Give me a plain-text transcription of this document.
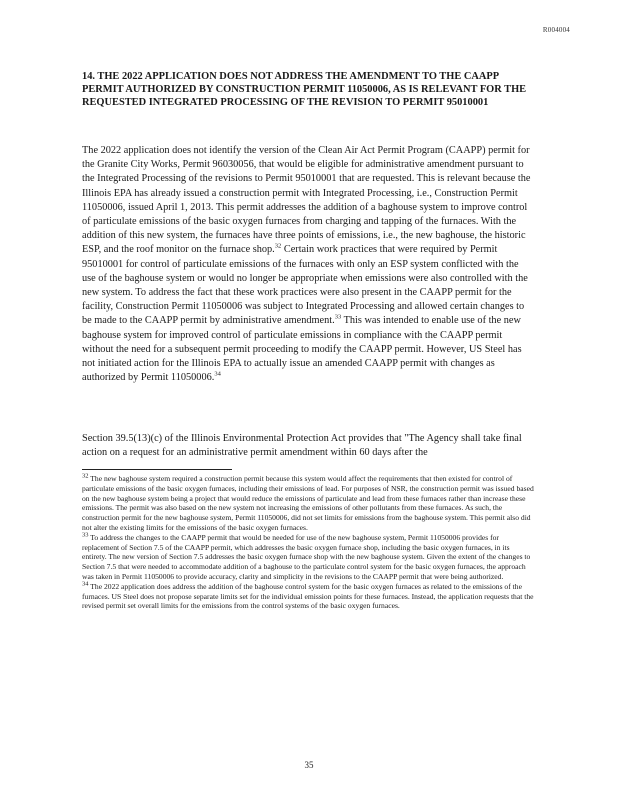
R004004
14. THE 2022 APPLICATION DOES NOT ADDRESS THE AMENDMENT TO THE CAAPP PERMIT AUTHORIZED BY CONSTRUCTION PERMIT 11050006, AS IS RELEVANT FOR THE REQUESTED INTEGRATED PROCESSING OF THE REVISION TO PERMIT 95010001

The 2022 application does not identify the version of the Clean Air Act Permit Program (CAAPP) permit for the Granite City Works, Permit 96030056, that would be eligible for administrative amendment pursuant to the Integrated Processing of the revisions to Permit 95010001 that are requested. This is relevant because the Illinois EPA has already issued a construction permit with Integrated Processing, i.e., Construction Permit 11050006, issued April 1, 2013. This permit addresses the addition of a baghouse system to improve control of particulate emissions of the basic oxygen furnaces from charging and tapping of the furnaces. With the addition of this new system, the furnaces have three points of emissions, i.e., the new baghouse, the historic ESP, and the roof monitor on the furnace shop.$^{32}$ Certain work practices that were required by Permit 95010001 for control of particulate emissions of the furnaces with only an ESP system conflicted with the use of the baghouse system or would no longer be appropriate when emissions were also controlled with the new system. To address the fact that these work practices were also present in the CAAPP permit for the facility, Construction Permit 11050006 was subject to Integrated Processing and allowed certain changes to be made to the CAAPP permit by administrative amendment.$^{33}$ This was intended to enable use of the new baghouse system for improved control of particulate emissions in compliance with the CAAPP permit without the need for a subsequent permit proceeding to modify the CAAPP permit. However, US Steel has not initiated action for the Illinois EPA to actually issue an amended CAAPP permit with changes as authorized by Permit 11050006.34

Section 39.5(13)(c) of the Illinois Environmental Protection Act provides that "The Agency shall take final action on a request for an administrative permit amendment within 60 days after the

$^{32}$ The new baghouse system required a construction permit because this system would affect the requirements that then existed for control of particulate emissions of the basic oxygen furnaces, including their emissions of lead. For purposes of NSR, the construction permit was issued based on the new baghouse system being a project that would reduce the emissions of particulate and lead from these furnaces rather than increase these emissions. The permit was also based on the new system not increasing the emissions of other pollutants from these furnaces. As such, the construction permit for the new baghouse system, Permit 11050006, did not set limits for emissions from the baghouse system. This permit also did not alter the existing limits for the emissions of the basic oxygen furnaces.

$^{33}$ To address the changes to the CAAPP permit that would be needed for use of the new baghouse system, Permit 11050006 provides for replacement of Section 7.5 of the CAAPP permit, which addresses the basic oxygen furnace shop, including the basic oxygen furnaces, in its entirety. The new version of Section 7.5 addresses the basic oxygen furnace shop with the new baghouse system. Given the extent of the changes to Section 7.5 that were needed to accommodate addition of a baghouse to the particulate control system for the basic oxygen furnaces, the approach was taken in Permit 11050006 to provide accuracy, clarity and simplicity in the revisions to the CAAPP permit that were being authorized.

$^{34}$ The 2022 application does address the addition of the baghouse control system for the basic oxygen furnaces as related to the emissions of the furnaces. US Steel does not propose separate limits set for the individual emission points for these furnaces. Instead, the application requests that the revised permit set overall limits for the emissions from the control systems of the basic oxygen furnaces.

35
